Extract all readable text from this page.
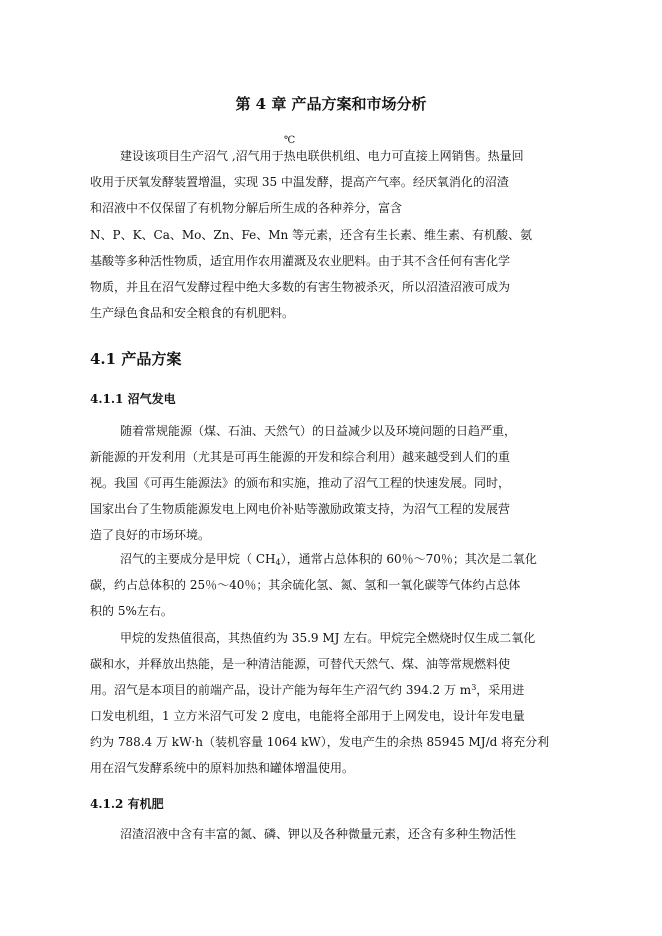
第 4 章 产品方案和市场分析
℃

建设该项目生产沼气 ,沼气用于热电联供机组、电力可直接上网销售。热量回

收用于厌氧发酵装置增温，实现 35 中温发酵，提高产气率。经厌氧消化的沼渣

和沼液中不仅保留了有机物分解后所生成的各种养分，富含

N、P、K、Ca、Mo、Zn、Fe、Mn 等元素，还含有生长素、维生素、有机酸、氨

基酸等多种活性物质，适宜用作农用灌溉及农业肥料。由于其不含任何有害化学

物质，并且在沼气发酵过程中绝大多数的有害生物被杀灭，所以沼渣沼液可成为

生产绿色食品和安全粮食的有机肥料。

4.1 产品方案
4.1.1 沼气发电

随着常规能源（煤、石油、天然气）的日益减少以及环境问题的日趋严重，

新能源的开发利用（尤其是可再生能源的开发和综合利用）越来越受到人们的重

视。我国《可再生能源法》的颁布和实施，推动了沼气工程的快速发展。同时，

国家出台了生物质能源发电上网电价补贴等激励政策支持，为沼气工程的发展营

造了良好的市场环境。

沼气的主要成分是甲烷（ $CH_4$），通常占总体积的 60％～70％；其次是二氧化

碳，约占总体积的 25％～40％；其余硫化氢、氮、氢和一氧化碳等气体约占总体

积的 5%左右。

甲烷的发热值很高，其热值约为 35.9 MJ 左右。甲烷完全燃烧时仅生成二氧化

碳和水，并释放出热能，是一种清洁能源，可替代天然气、煤、油等常规燃料使

用。沼气是本项目的前端产品，设计产能为每年生产沼气约 394.2 万 $m^3$，采用进

口发电机组，1 立方米沼气可发 2 度电，电能将全部用于上网发电，设计年发电量

约为 788.4 万 kW·h（装机容量 1064 kW），发电产生的余热 85945 MJ/d 将充分利

用在沼气发酵系统中的原料加热和罐体增温使用。

4.1.2 有机肥

沼渣沼液中含有丰富的氮、磷、钾以及各种微量元素，还含有多种生物活性
